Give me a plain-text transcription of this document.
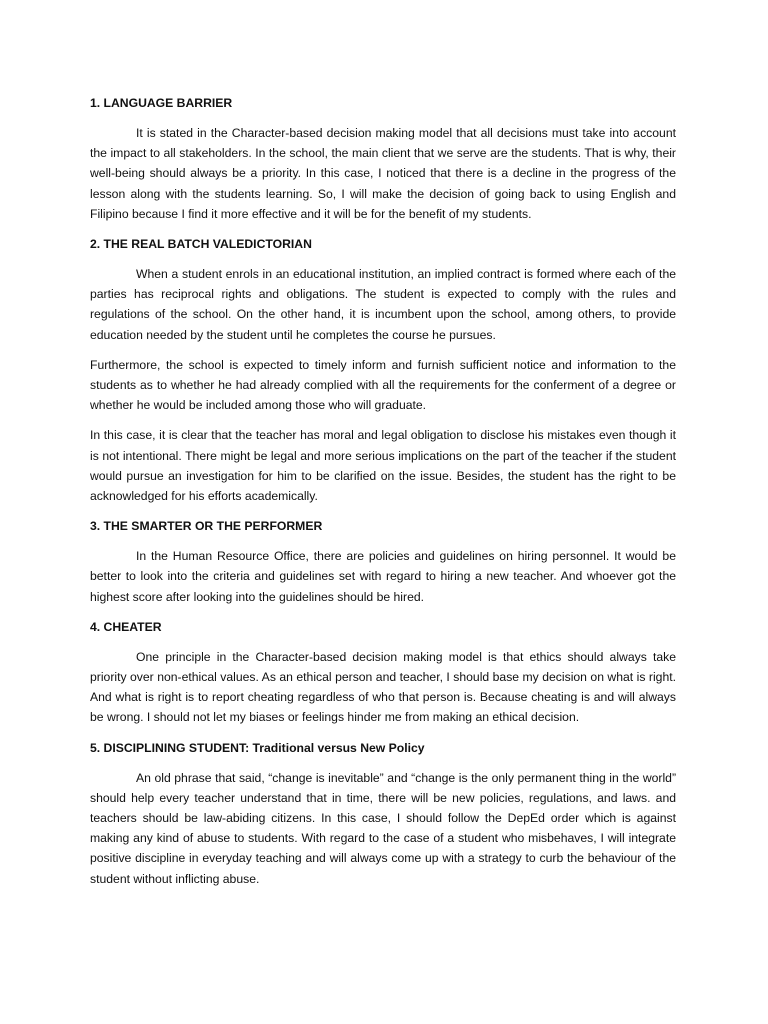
1. LANGUAGE BARRIER

It is stated in the Character-based decision making model that all decisions must take into account the impact to all stakeholders. In the school, the main client that we serve are the students. That is why, their well-being should always be a priority. In this case, I noticed that there is a decline in the progress of the lesson along with the students learning. So, I will make the decision of going back to using English and Filipino because I find it more effective and it will be for the benefit of my students.

2. THE REAL BATCH VALEDICTORIAN

When a student enrols in an educational institution, an implied contract is formed where each of the parties has reciprocal rights and obligations. The student is expected to comply with the rules and regulations of the school. On the other hand, it is incumbent upon the school, among others, to provide education needed by the student until he completes the course he pursues.

Furthermore, the school is expected to timely inform and furnish sufficient notice and information to the students as to whether he had already complied with all the requirements for the conferment of a degree or whether he would be included among those who will graduate.

In this case, it is clear that the teacher has moral and legal obligation to disclose his mistakes even though it is not intentional. There might be legal and more serious implications on the part of the teacher if the student would pursue an investigation for him to be clarified on the issue. Besides, the student has the right to be acknowledged for his efforts academically.

3. THE SMARTER OR THE PERFORMER

In the Human Resource Office, there are policies and guidelines on hiring personnel. It would be better to look into the criteria and guidelines set with regard to hiring a new teacher. And whoever got the highest score after looking into the guidelines should be hired.

4. CHEATER

One principle in the Character-based decision making model is that ethics should always take priority over non-ethical values. As an ethical person and teacher, I should base my decision on what is right. And what is right is to report cheating regardless of who that person is. Because cheating is and will always be wrong. I should not let my biases or feelings hinder me from making an ethical decision.

5. DISCIPLINING STUDENT: Traditional versus New Policy

An old phrase that said, “change is inevitable” and “change is the only permanent thing in the world” should help every teacher understand that in time, there will be new policies, regulations, and laws. and teachers should be law-abiding citizens. In this case, I should follow the DepEd order which is against making any kind of abuse to students. With regard to the case of a student who misbehaves, I will integrate positive discipline in everyday teaching and will always come up with a strategy to curb the behaviour of the student without inflicting abuse.
